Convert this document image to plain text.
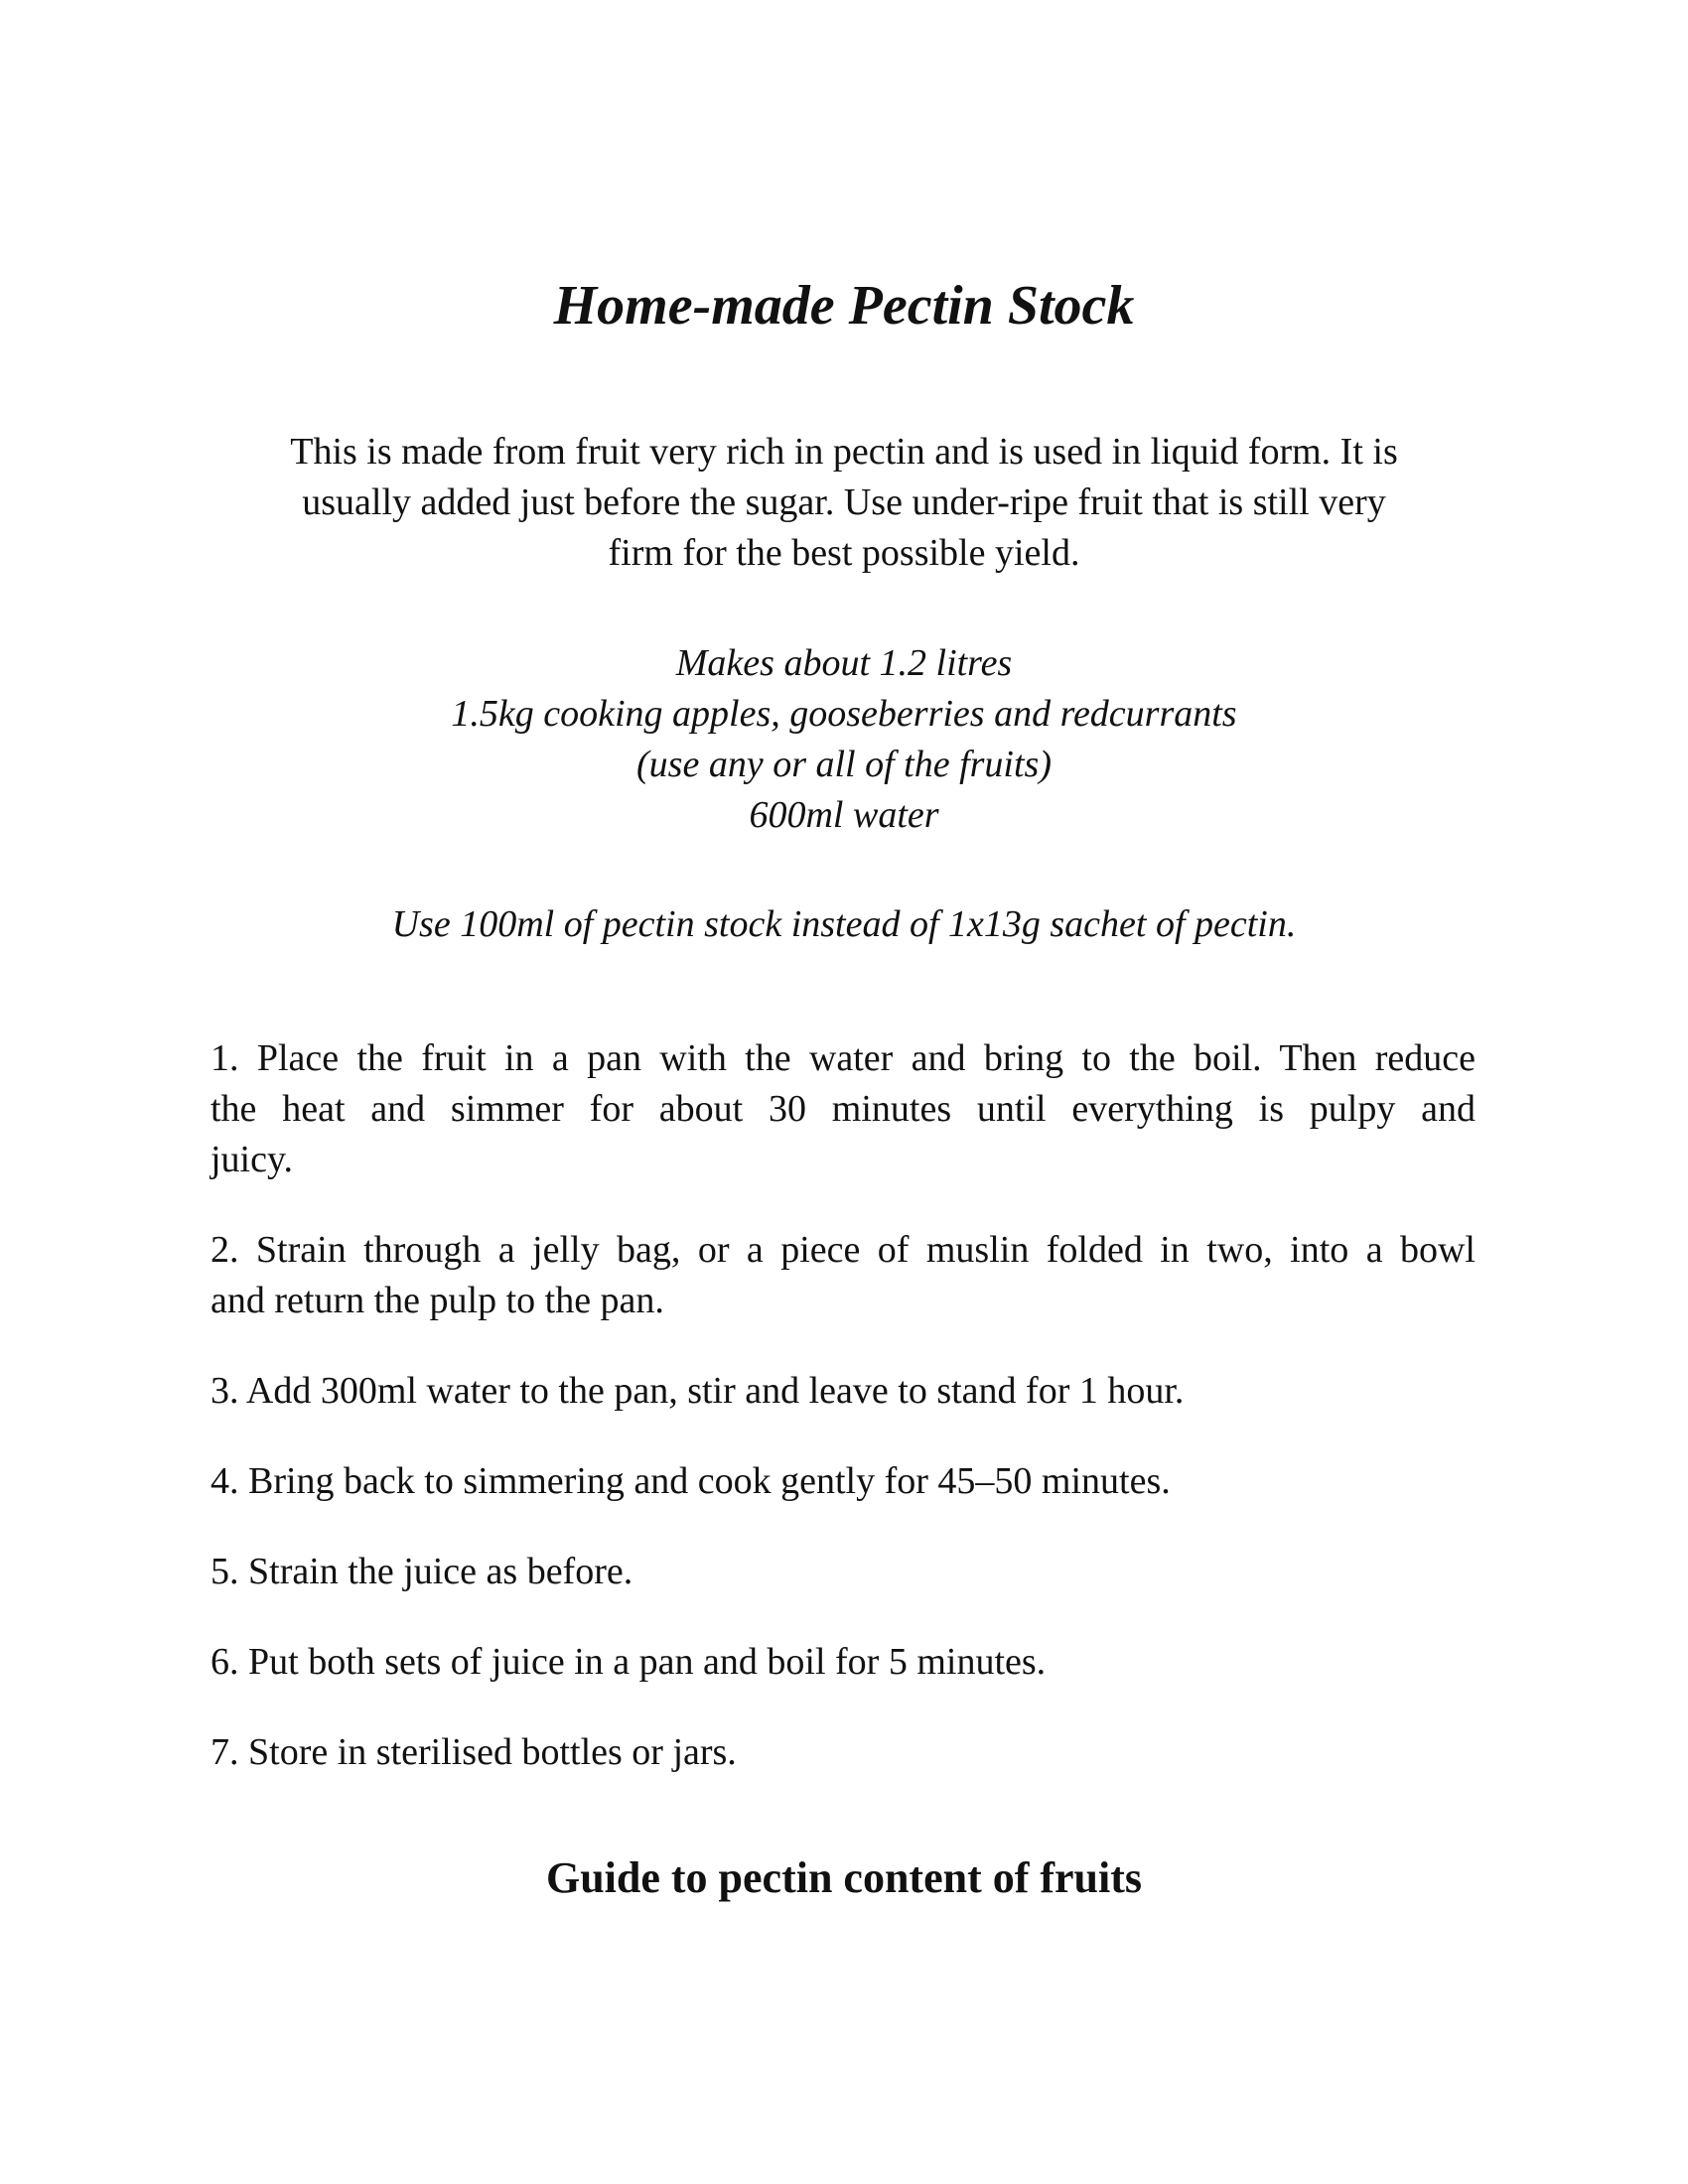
Home-made Pectin Stock

This is made from fruit very rich in pectin and is used in liquid form. It is
usually added just before the sugar. Use under-ripe fruit that is still very
firm for the best possible yield.

Makes about 1.2 litres
1.5kg cooking apples, gooseberries and redcurrants
(use any or all of the fruits)
600ml water

Use 100ml of pectin stock instead of 1x13g sachet of pectin.

1. Place the fruit in a pan with the water and bring to the boil. Then reduce
the heat and simmer for about 30 minutes until everything is pulpy and
juicy.
2. Strain through a jelly bag, or a piece of muslin folded in two, into a bowl
and return the pulp to the pan.
3. Add 300ml water to the pan, stir and leave to stand for 1 hour.
4. Bring back to simmering and cook gently for 45–50 minutes.
5. Strain the juice as before.
6. Put both sets of juice in a pan and boil for 5 minutes.
7. Store in sterilised bottles or jars.
Guide to pectin content of fruits
